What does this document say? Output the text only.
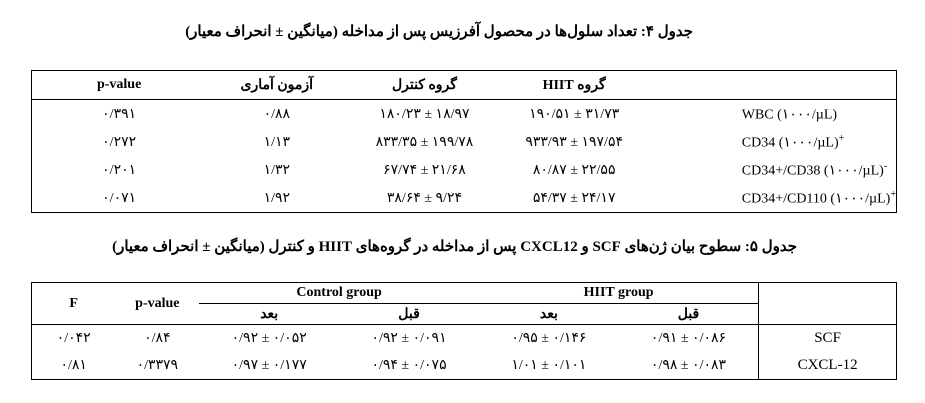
جدول ۴: تعداد سلول‌ها در محصول آفرزیس پس از مداخله (میانگین ± انحراف معیار)
p-value	آزمون آماری	گروه کنترل	گروه HIIT	
۰/۳۹۱	۰/۸۸	۱۸۰/۲۳ ± ۱۸/۹۷	۱۹۰/۵۱ ± ۳۱/۷۳	WBC (۱۰۰۰/µL)
۰/۲۷۲	۱/۱۳	۸۳۳/۳۵ ± ۱۹۹/۷۸	۹۳۳/۹۳ ± ۱۹۷/۵۴	CD34 (۱۰۰۰/µL)+
۰/۲۰۱	۱/۳۲	۶۷/۷۴ ± ۲۱/۶۸	۸۰/۸۷ ± ۲۲/۵۵	CD34+/CD38 (۱۰۰۰/µL)-
۰/۰۷۱	۱/۹۲	۳۸/۶۴ ± ۹/۲۴	۵۴/۳۷ ± ۲۴/۱۷	CD34+/CD110 (۱۰۰۰/µL)+
جدول ۵: سطوح بیان ژن‌های SCF و CXCL12 پس از مداخله در گروه‌های HIIT و کنترل (میانگین ± انحراف معیار)
F	p-value	Control group		HIIT group		
		بعد	قبل	بعد	قبل	
۰/۰۴۲	۰/۸۴	۰/۹۲ ± ۰/۰۵۲	۰/۹۲ ± ۰/۰۹۱	۰/۹۵ ± ۰/۱۴۶	۰/۹۱ ± ۰/۰۸۶	SCF
۰/۸۱	۰/۳۳۷۹	۰/۹۷ ± ۰/۱۷۷	۰/۹۴ ± ۰/۰۷۵	۱/۰۱ ± ۰/۱۰۱	۰/۹۸ ± ۰/۰۸۳	CXCL-12
